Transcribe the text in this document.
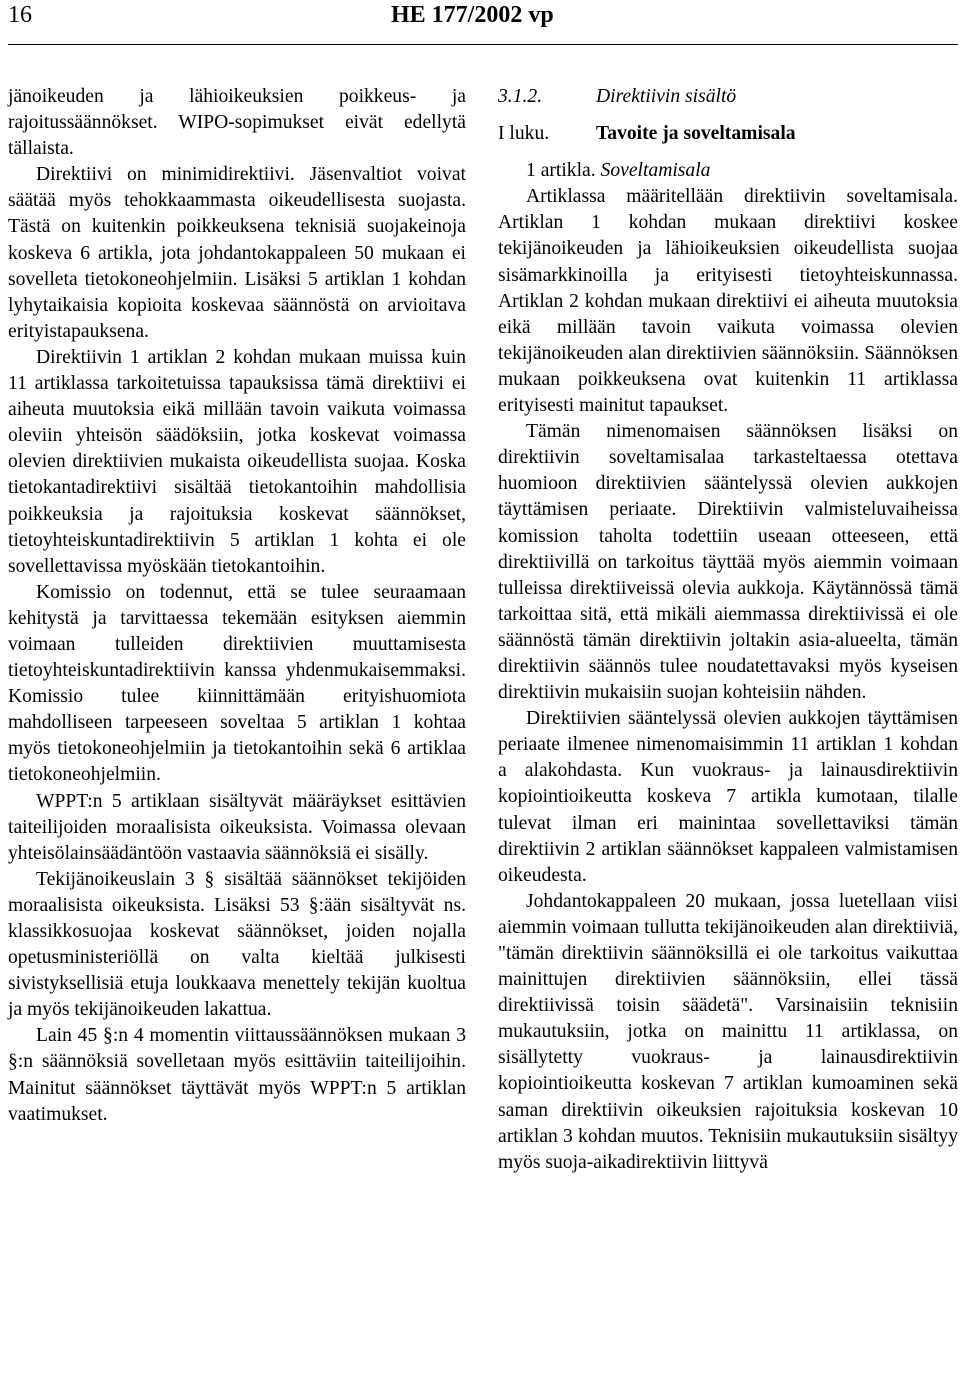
16	HE 177/2002 vp

jänoikeuden ja lähioikeuksien poikkeus- ja rajoitussäännökset. WIPO-sopimukset eivät edellytä tällaista.

Direktiivi on minimidirektiivi. Jäsenvaltiot voivat säätää myös tehokkaammasta oikeudellisesta suojasta. Tästä on kuitenkin poikkeuksena teknisiä suojakeinoja koskeva 6 artikla, jota johdantokappaleen 50 mukaan ei sovelleta tietokoneohjelmiin. Lisäksi 5 artiklan 1 kohdan lyhytaikaisia kopioita koskevaa säännöstä on arvioitava erityistapauksena.

Direktiivin 1 artiklan 2 kohdan mukaan muissa kuin 11 artiklassa tarkoitetuissa tapauksissa tämä direktiivi ei aiheuta muutoksia eikä millään tavoin vaikuta voimassa oleviin yhteisön säädöksiin, jotka koskevat voimassa olevien direktiivien mukaista oikeudellista suojaa. Koska tietokantadirektiivi sisältää tietokantoihin mahdollisia poikkeuksia ja rajoituksia koskevat säännökset, tietoyhteiskuntadirektiivin 5 artiklan 1 kohta ei ole sovellettavissa myöskään tietokantoihin.

Komissio on todennut, että se tulee seuraamaan kehitystä ja tarvittaessa tekemään esityksen aiemmin voimaan tulleiden direktiivien muuttamisesta tietoyhteiskuntadirektiivin kanssa yhdenmukaisemmaksi. Komissio tulee kiinnittämään erityishuomiota mahdolliseen tarpeeseen soveltaa 5 artiklan 1 kohtaa myös tietokoneohjelmiin ja tietokantoihin sekä 6 artiklaa tietokoneohjelmiin.

WPPT:n 5 artiklaan sisältyvät määräykset esittävien taiteilijoiden moraalisista oikeuksista. Voimassa olevaan yhteisölainsäädäntöön vastaavia säännöksiä ei sisälly.

Tekijänoikeuslain 3 § sisältää säännökset tekijöiden moraalisista oikeuksista. Lisäksi 53 §:ään sisältyvät ns. klassikkosuojaa koskevat säännökset, joiden nojalla opetusministeriöllä on valta kieltää julkisesti sivistyksellisiä etuja loukkaava menettely tekijän kuoltua ja myös tekijänoikeuden lakattua.

Lain 45 §:n 4 momentin viittaussäännöksen mukaan 3 §:n säännöksiä sovelletaan myös esittäviin taiteilijoihin. Mainitut säännökset täyttävät myös WPPT:n 5 artiklan vaatimukset.

3.1.2.	Direktiivin sisältö
I luku.	Tavoite ja soveltamisala

1 artikla. Soveltamisala

Artiklassa määritellään direktiivin soveltamisala. Artiklan 1 kohdan mukaan direktiivi koskee tekijänoikeuden ja lähioikeuksien oikeudellista suojaa sisämarkkinoilla ja erityisesti tietoyhteiskunnassa. Artiklan 2 kohdan mukaan direktiivi ei aiheuta muutoksia eikä millään tavoin vaikuta voimassa olevien tekijänoikeuden alan direktiivien säännöksiin. Säännöksen mukaan poikkeuksena ovat kuitenkin 11 artiklassa erityisesti mainitut tapaukset.

Tämän nimenomaisen säännöksen lisäksi on direktiivin soveltamisalaa tarkasteltaessa otettava huomioon direktiivien sääntelyssä olevien aukkojen täyttämisen periaate. Direktiivin valmisteluvaiheissa komission taholta todettiin useaan otteeseen, että direktiivillä on tarkoitus täyttää myös aiemmin voimaan tulleissa direktiiveissä olevia aukkoja. Käytännössä tämä tarkoittaa sitä, että mikäli aiemmassa direktiivissä ei ole säännöstä tämän direktiivin joltakin asia-alueelta, tämän direktiivin säännös tulee noudatettavaksi myös kyseisen direktiivin mukaisiin suojan kohteisiin nähden.

Direktiivien sääntelyssä olevien aukkojen täyttämisen periaate ilmenee nimenomaisimmin 11 artiklan 1 kohdan a alakohdasta. Kun vuokraus- ja lainausdirektiivin kopiointioikeutta koskeva 7 artikla kumotaan, tilalle tulevat ilman eri mainintaa sovellettaviksi tämän direktiivin 2 artiklan säännökset kappaleen valmistamisen oikeudesta.

Johdantokappaleen 20 mukaan, jossa luetellaan viisi aiemmin voimaan tullutta tekijänoikeuden alan direktiiviä, "tämän direktiivin säännöksillä ei ole tarkoitus vaikuttaa mainittujen direktiivien säännöksiin, ellei tässä direktiivissä toisin säädetä". Varsinaisiin teknisiin mukautuksiin, jotka on mainittu 11 artiklassa, on sisällytetty vuokraus- ja lainausdirektiivin kopiointioikeutta koskevan 7 artiklan kumoaminen sekä saman direktiivin oikeuksien rajoituksia koskevan 10 artiklan 3 kohdan muutos. Teknisiin mukautuksiin sisältyy myös suoja-aikadirektiivin liittyvä
